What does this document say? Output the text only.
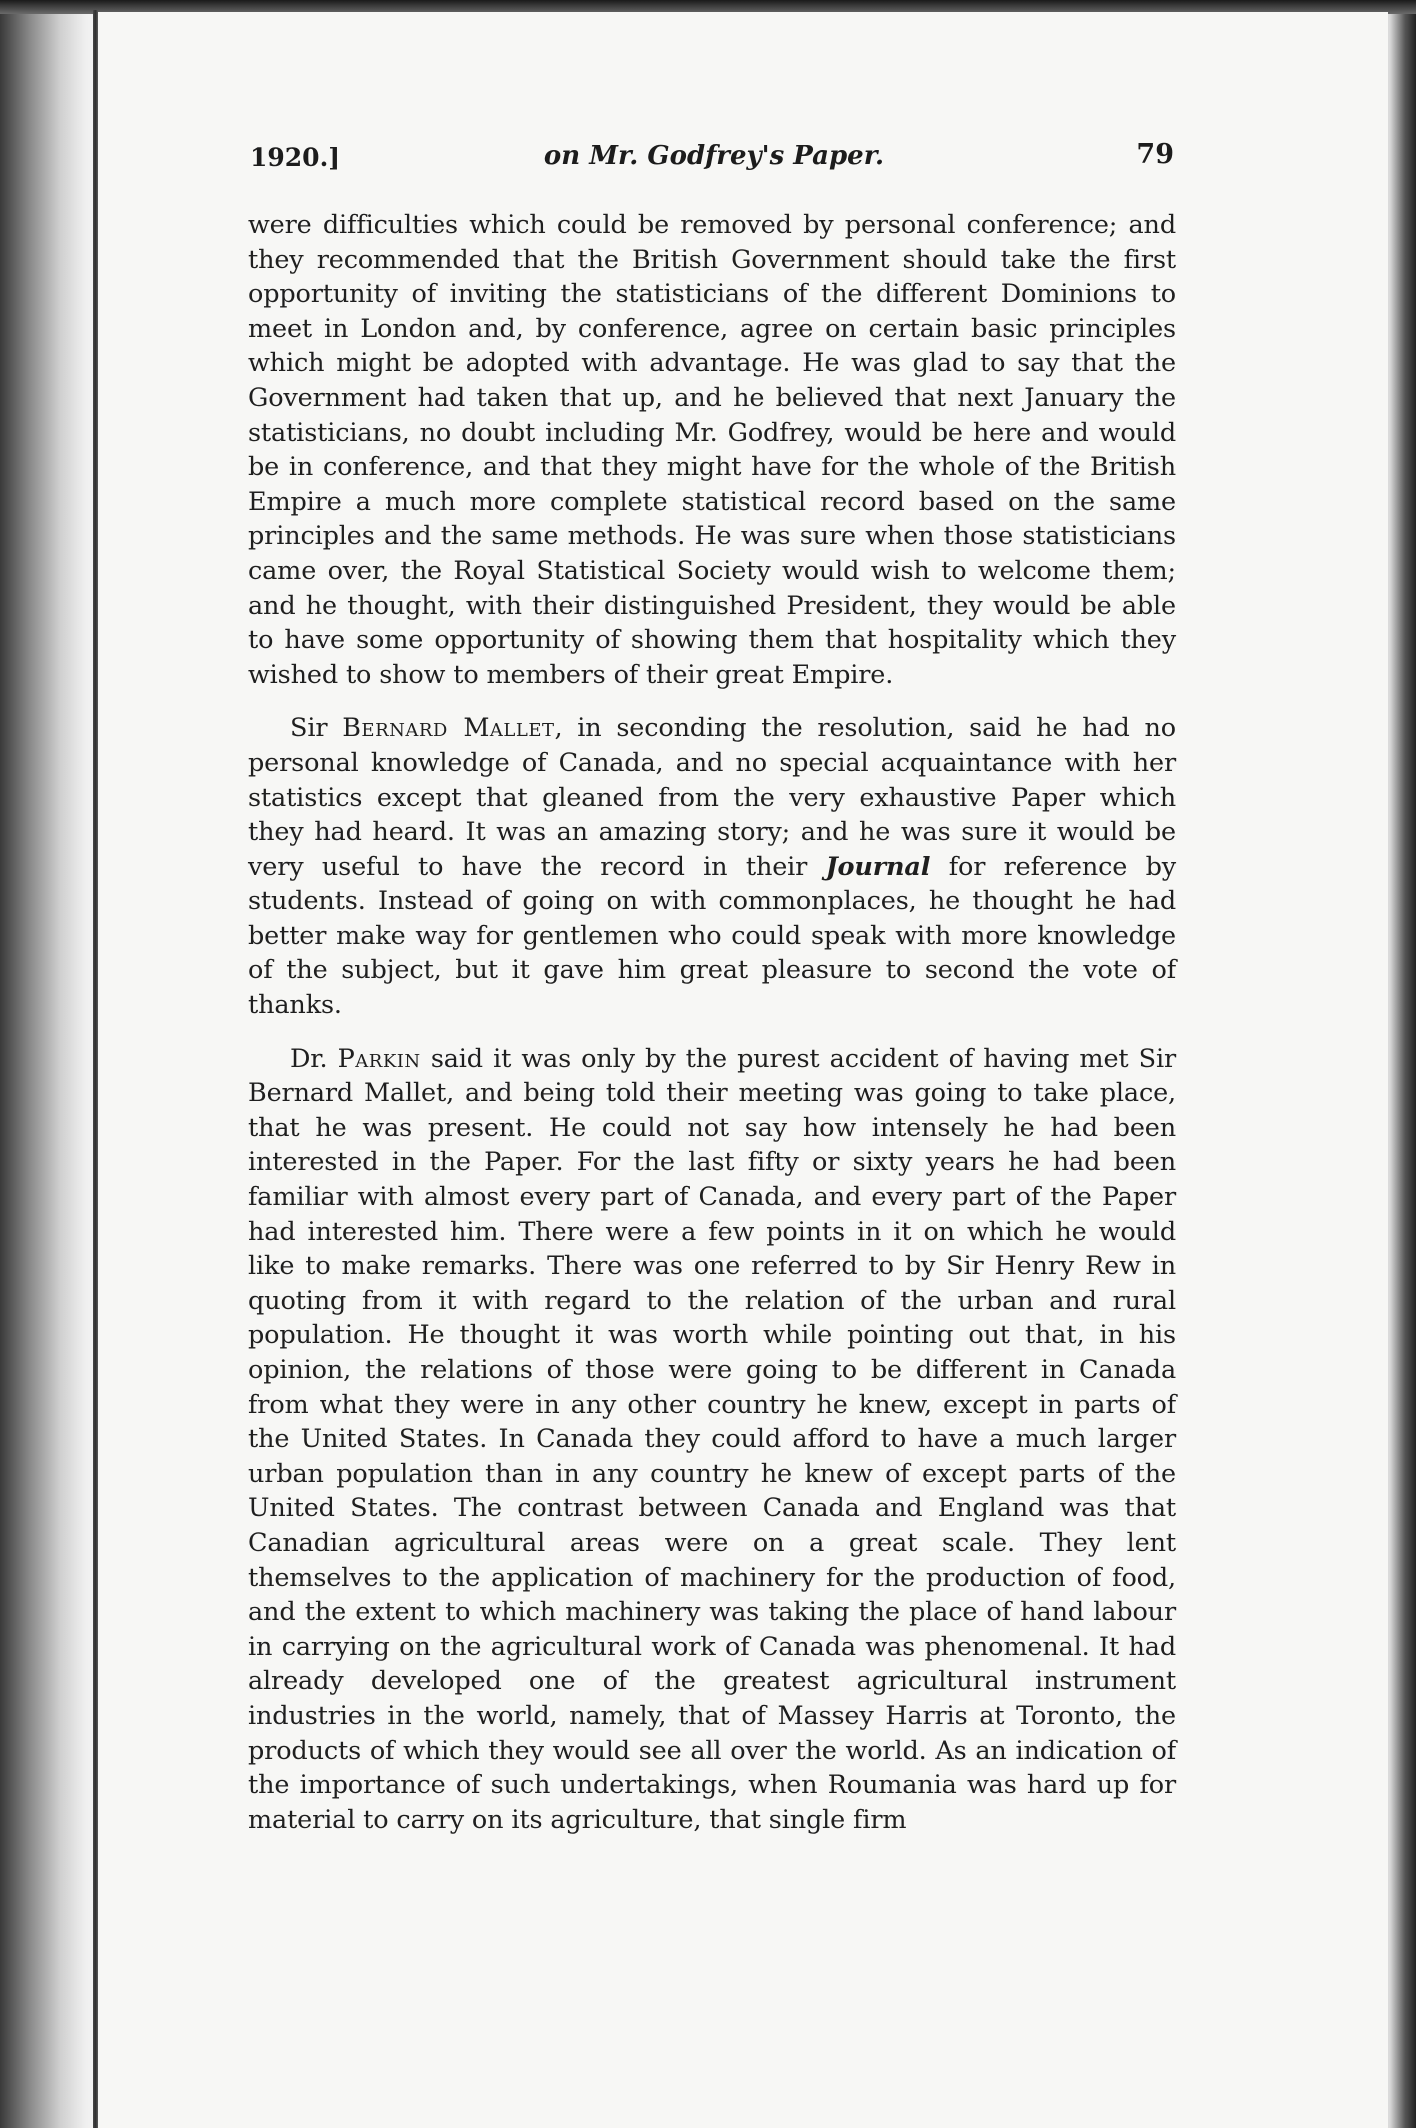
1920.]	on Mr. Godfrey's Paper.	79

were difficulties which could be removed by personal conference; and they recommended that the British Government should take the first opportunity of inviting the statisticians of the different Dominions to meet in London and, by conference, agree on certain basic principles which might be adopted with advantage. He was glad to say that the Government had taken that up, and he believed that next January the statisticians, no doubt including Mr. Godfrey, would be here and would be in conference, and that they might have for the whole of the British Empire a much more complete statistical record based on the same principles and the same methods. He was sure when those statisticians came over, the Royal Statistical Society would wish to welcome them; and he thought, with their distinguished President, they would be able to have some opportunity of showing them that hospitality which they wished to show to members of their great Empire.

Sir Bernard Mallet, in seconding the resolution, said he had no personal knowledge of Canada, and no special acquaintance with her statistics except that gleaned from the very exhaustive Paper which they had heard. It was an amazing story; and he was sure it would be very useful to have the record in their Journal for reference by students. Instead of going on with commonplaces, he thought he had better make way for gentlemen who could speak with more knowledge of the subject, but it gave him great pleasure to second the vote of thanks.

Dr. Parkin said it was only by the purest accident of having met Sir Bernard Mallet, and being told their meeting was going to take place, that he was present. He could not say how intensely he had been interested in the Paper. For the last fifty or sixty years he had been familiar with almost every part of Canada, and every part of the Paper had interested him. There were a few points in it on which he would like to make remarks. There was one referred to by Sir Henry Rew in quoting from it with regard to the relation of the urban and rural population. He thought it was worth while pointing out that, in his opinion, the relations of those were going to be different in Canada from what they were in any other country he knew, except in parts of the United States. In Canada they could afford to have a much larger urban population than in any country he knew of except parts of the United States. The contrast between Canada and England was that Canadian agricultural areas were on a great scale. They lent themselves to the application of machinery for the production of food, and the extent to which machinery was taking the place of hand labour in carrying on the agricultural work of Canada was phenomenal. It had already developed one of the greatest agricultural instrument industries in the world, namely, that of Massey Harris at Toronto, the products of which they would see all over the world. As an indication of the importance of such undertakings, when Roumania was hard up for material to carry on its agriculture, that single firm
